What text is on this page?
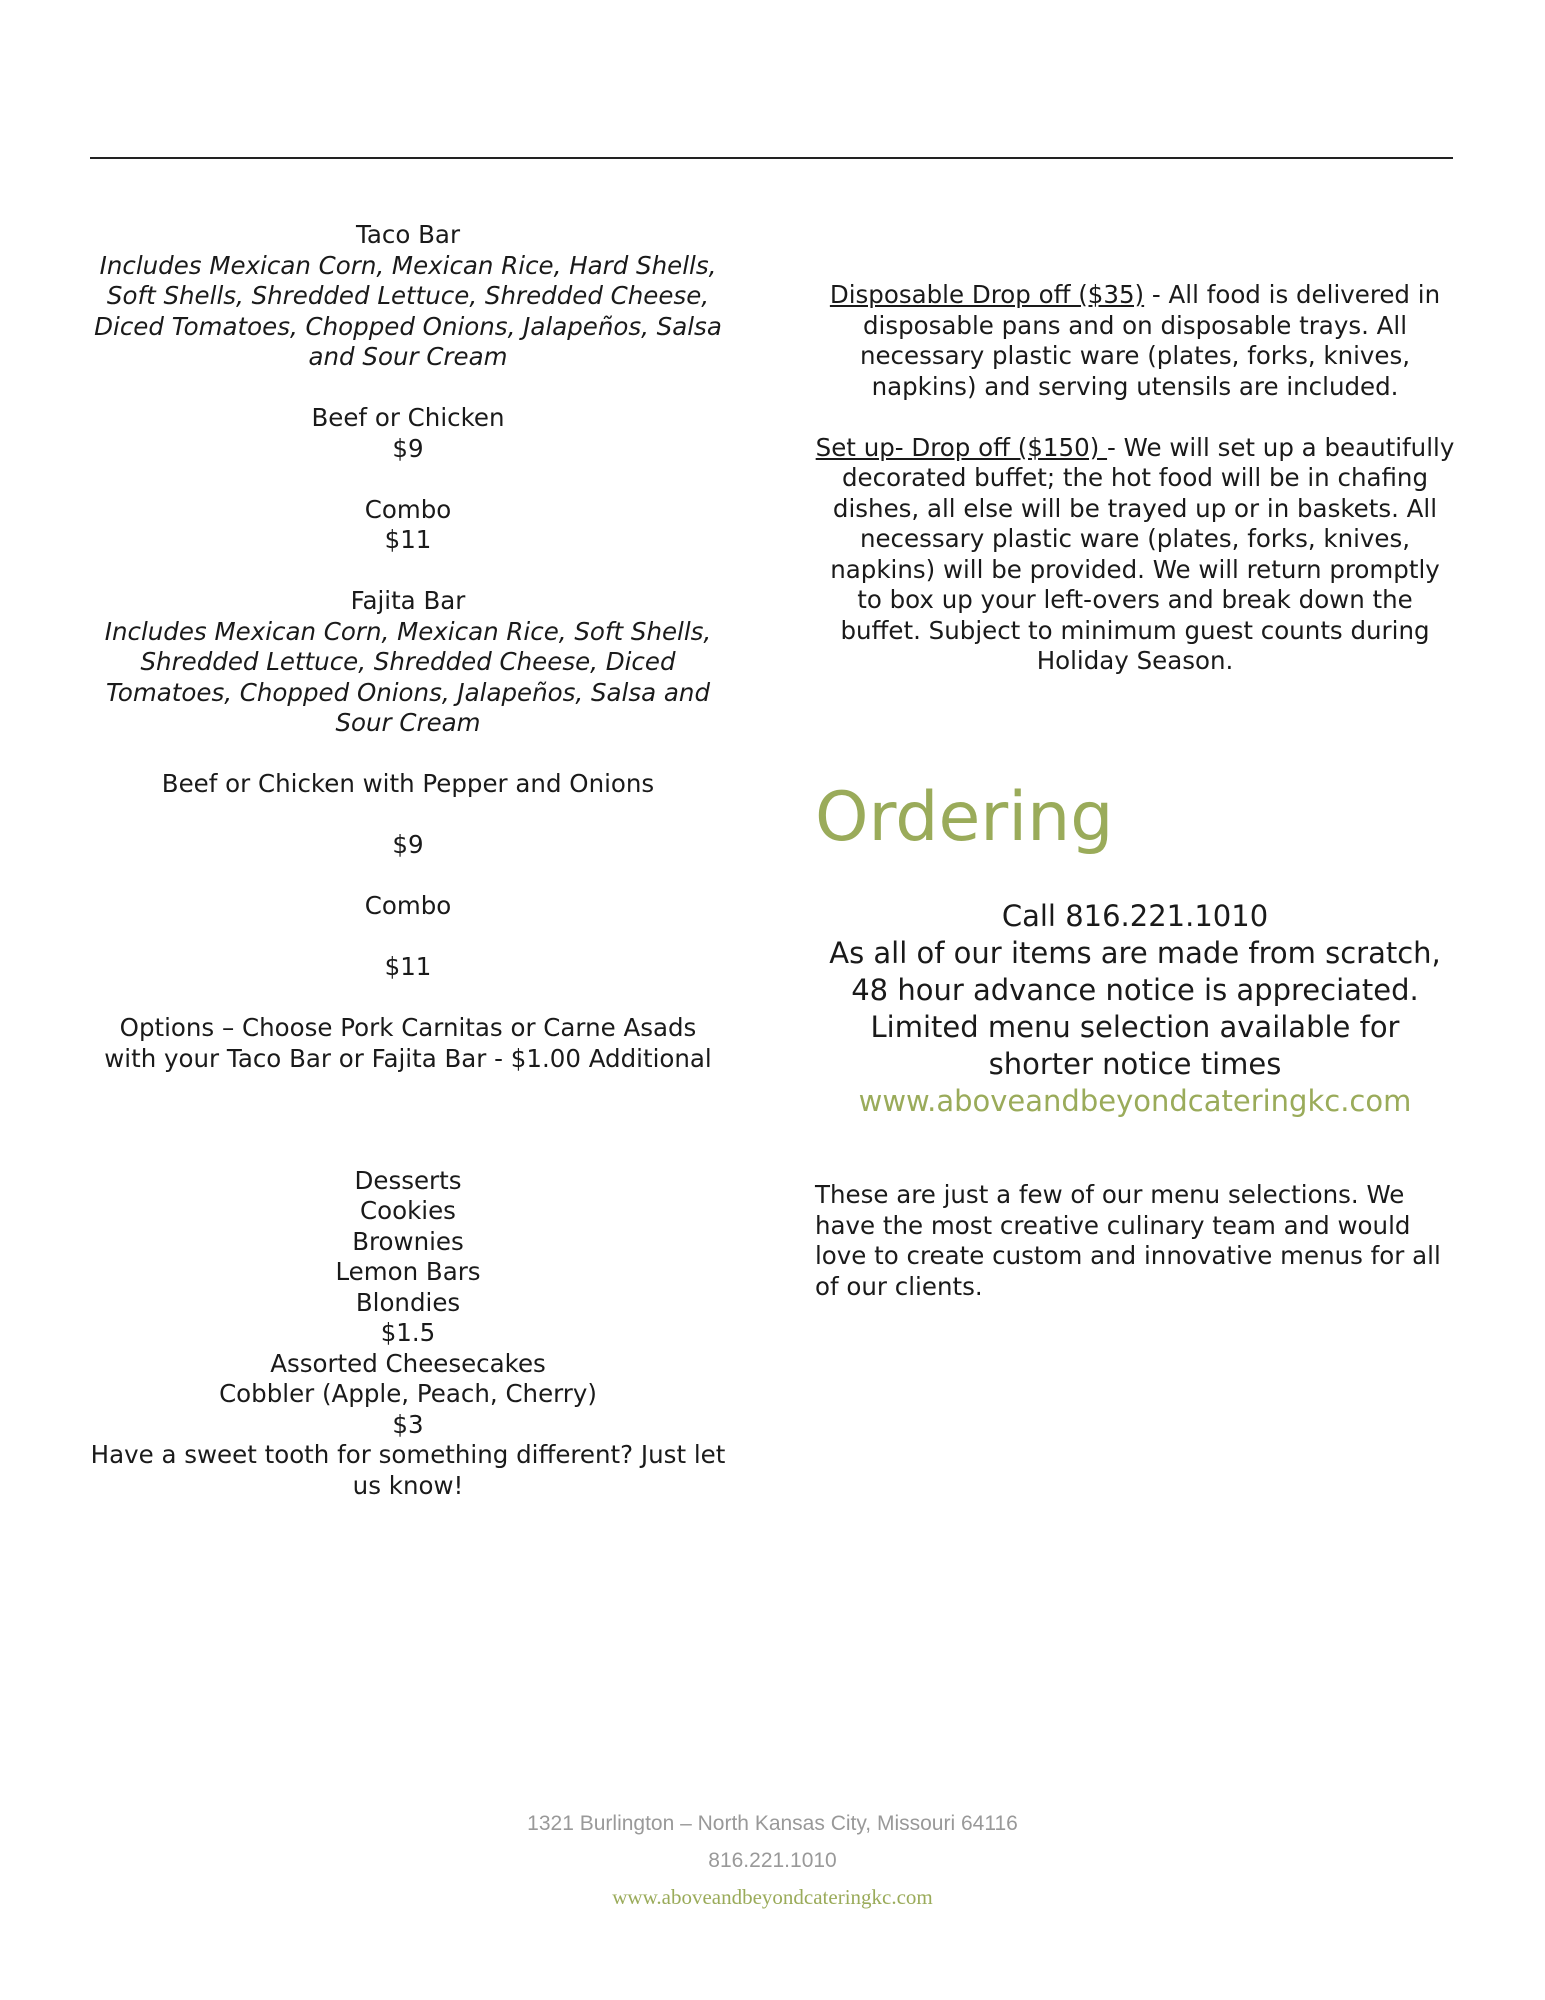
Taco Bar

Includes Mexican Corn, Mexican Rice, Hard Shells, Soft Shells, Shredded Lettuce, Shredded Cheese, Diced Tomatoes, Chopped Onions, Jalapeños, Salsa and Sour Cream

Beef or Chicken

$9

Combo

$11

Fajita Bar

Includes Mexican Corn, Mexican Rice, Soft Shells, Shredded Lettuce, Shredded Cheese, Diced Tomatoes, Chopped Onions, Jalapeños, Salsa and Sour Cream

Beef or Chicken with Pepper and Onions

$9

Combo

$11

Options – Choose Pork Carnitas or Carne Asads with your Taco Bar or Fajita Bar - $1.00 Additional

Desserts

Cookies

Brownies

Lemon Bars

Blondies

$1.5

Assorted Cheesecakes

Cobbler (Apple, Peach, Cherry)

$3

Have a sweet tooth for something different? Just let us know!

Disposable Drop off ($35) - All food is delivered in disposable pans and on disposable trays. All necessary plastic ware (plates, forks, knives, napkins) and serving utensils are included.

Set up- Drop off ($150) - We will set up a beautifully decorated buffet; the hot food will be in chafing dishes, all else will be trayed up or in baskets. All necessary plastic ware (plates, forks, knives, napkins) will be provided. We will return promptly to box up your left-overs and break down the buffet. Subject to minimum guest counts during Holiday Season.

Ordering

Call 816.221.1010

As all of our items are made from scratch, 48 hour advance notice is appreciated. Limited menu selection available for shorter notice times

www.aboveandbeyondcateringkc.com

These are just a few of our menu selections. We have the most creative culinary team and would love to create custom and innovative menus for all of our clients.
1321 Burlington – North Kansas City, Missouri 64116
816.221.1010
www.aboveandbeyondcateringkc.com
